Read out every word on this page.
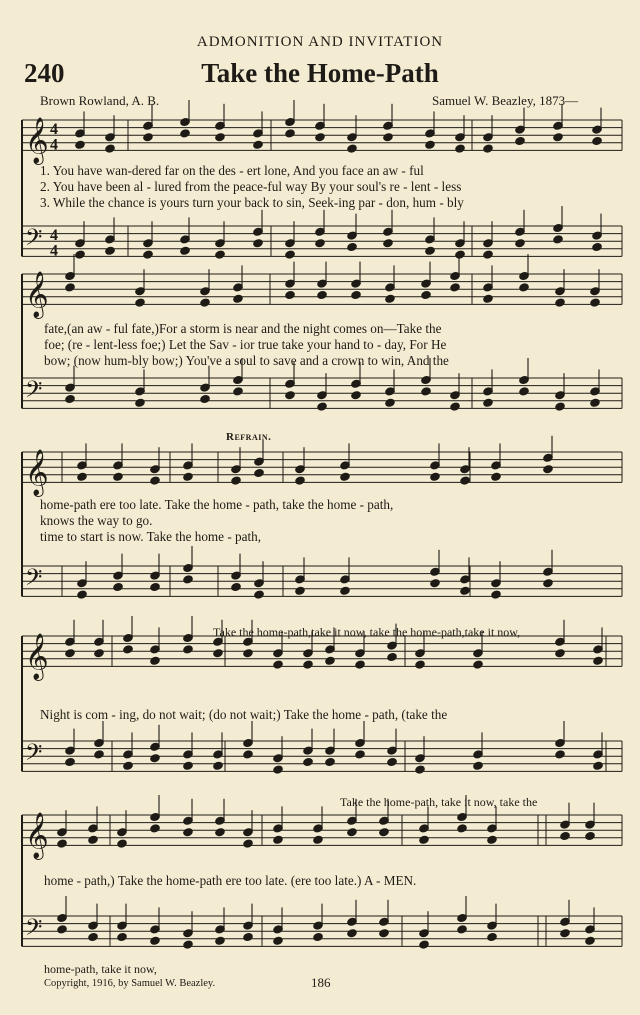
ADMONITION AND INVITATION
240	Take the Home-Path
Brown Rowland, A. B.	Samuel W. Beazley, 1873—
𝄞
𝄢
4
4
4
4
𝄞
𝄢
𝄞
𝄢
𝄞
𝄢
𝄞
𝄢
1. You have wan-dered far on the des - ert lone, And you face an aw - ful
2. You have been al - lured from the peace-ful way By your soul's re - lent - less
3. While the chance is yours turn your back to sin, Seek-ing par - don, hum - bly
fate,(an aw - ful fate,)For a storm is near and the night comes on—Take the
foe; (re - lent-less foe;) Let the Sav - ior true take your hand to - day, For He
bow; (now hum-bly bow;) You've a soul to save and a crown to win, And the
Refrain.
home-path ere too late. Take the home - path, take the home - path,
knows the way to go.
time to start is now. Take the home - path,
Take the home-path,take it now, take the home-path,take it now,
Night is com - ing, do not wait; (do not wait;) Take the home - path, (take the
Take the home-path, take it now, take the
home - path,) Take the home-path ere too late. (ere too late.) A - MEN.
home-path, take it now,
Copyright, 1916, by Samuel W. Beazley.	186
